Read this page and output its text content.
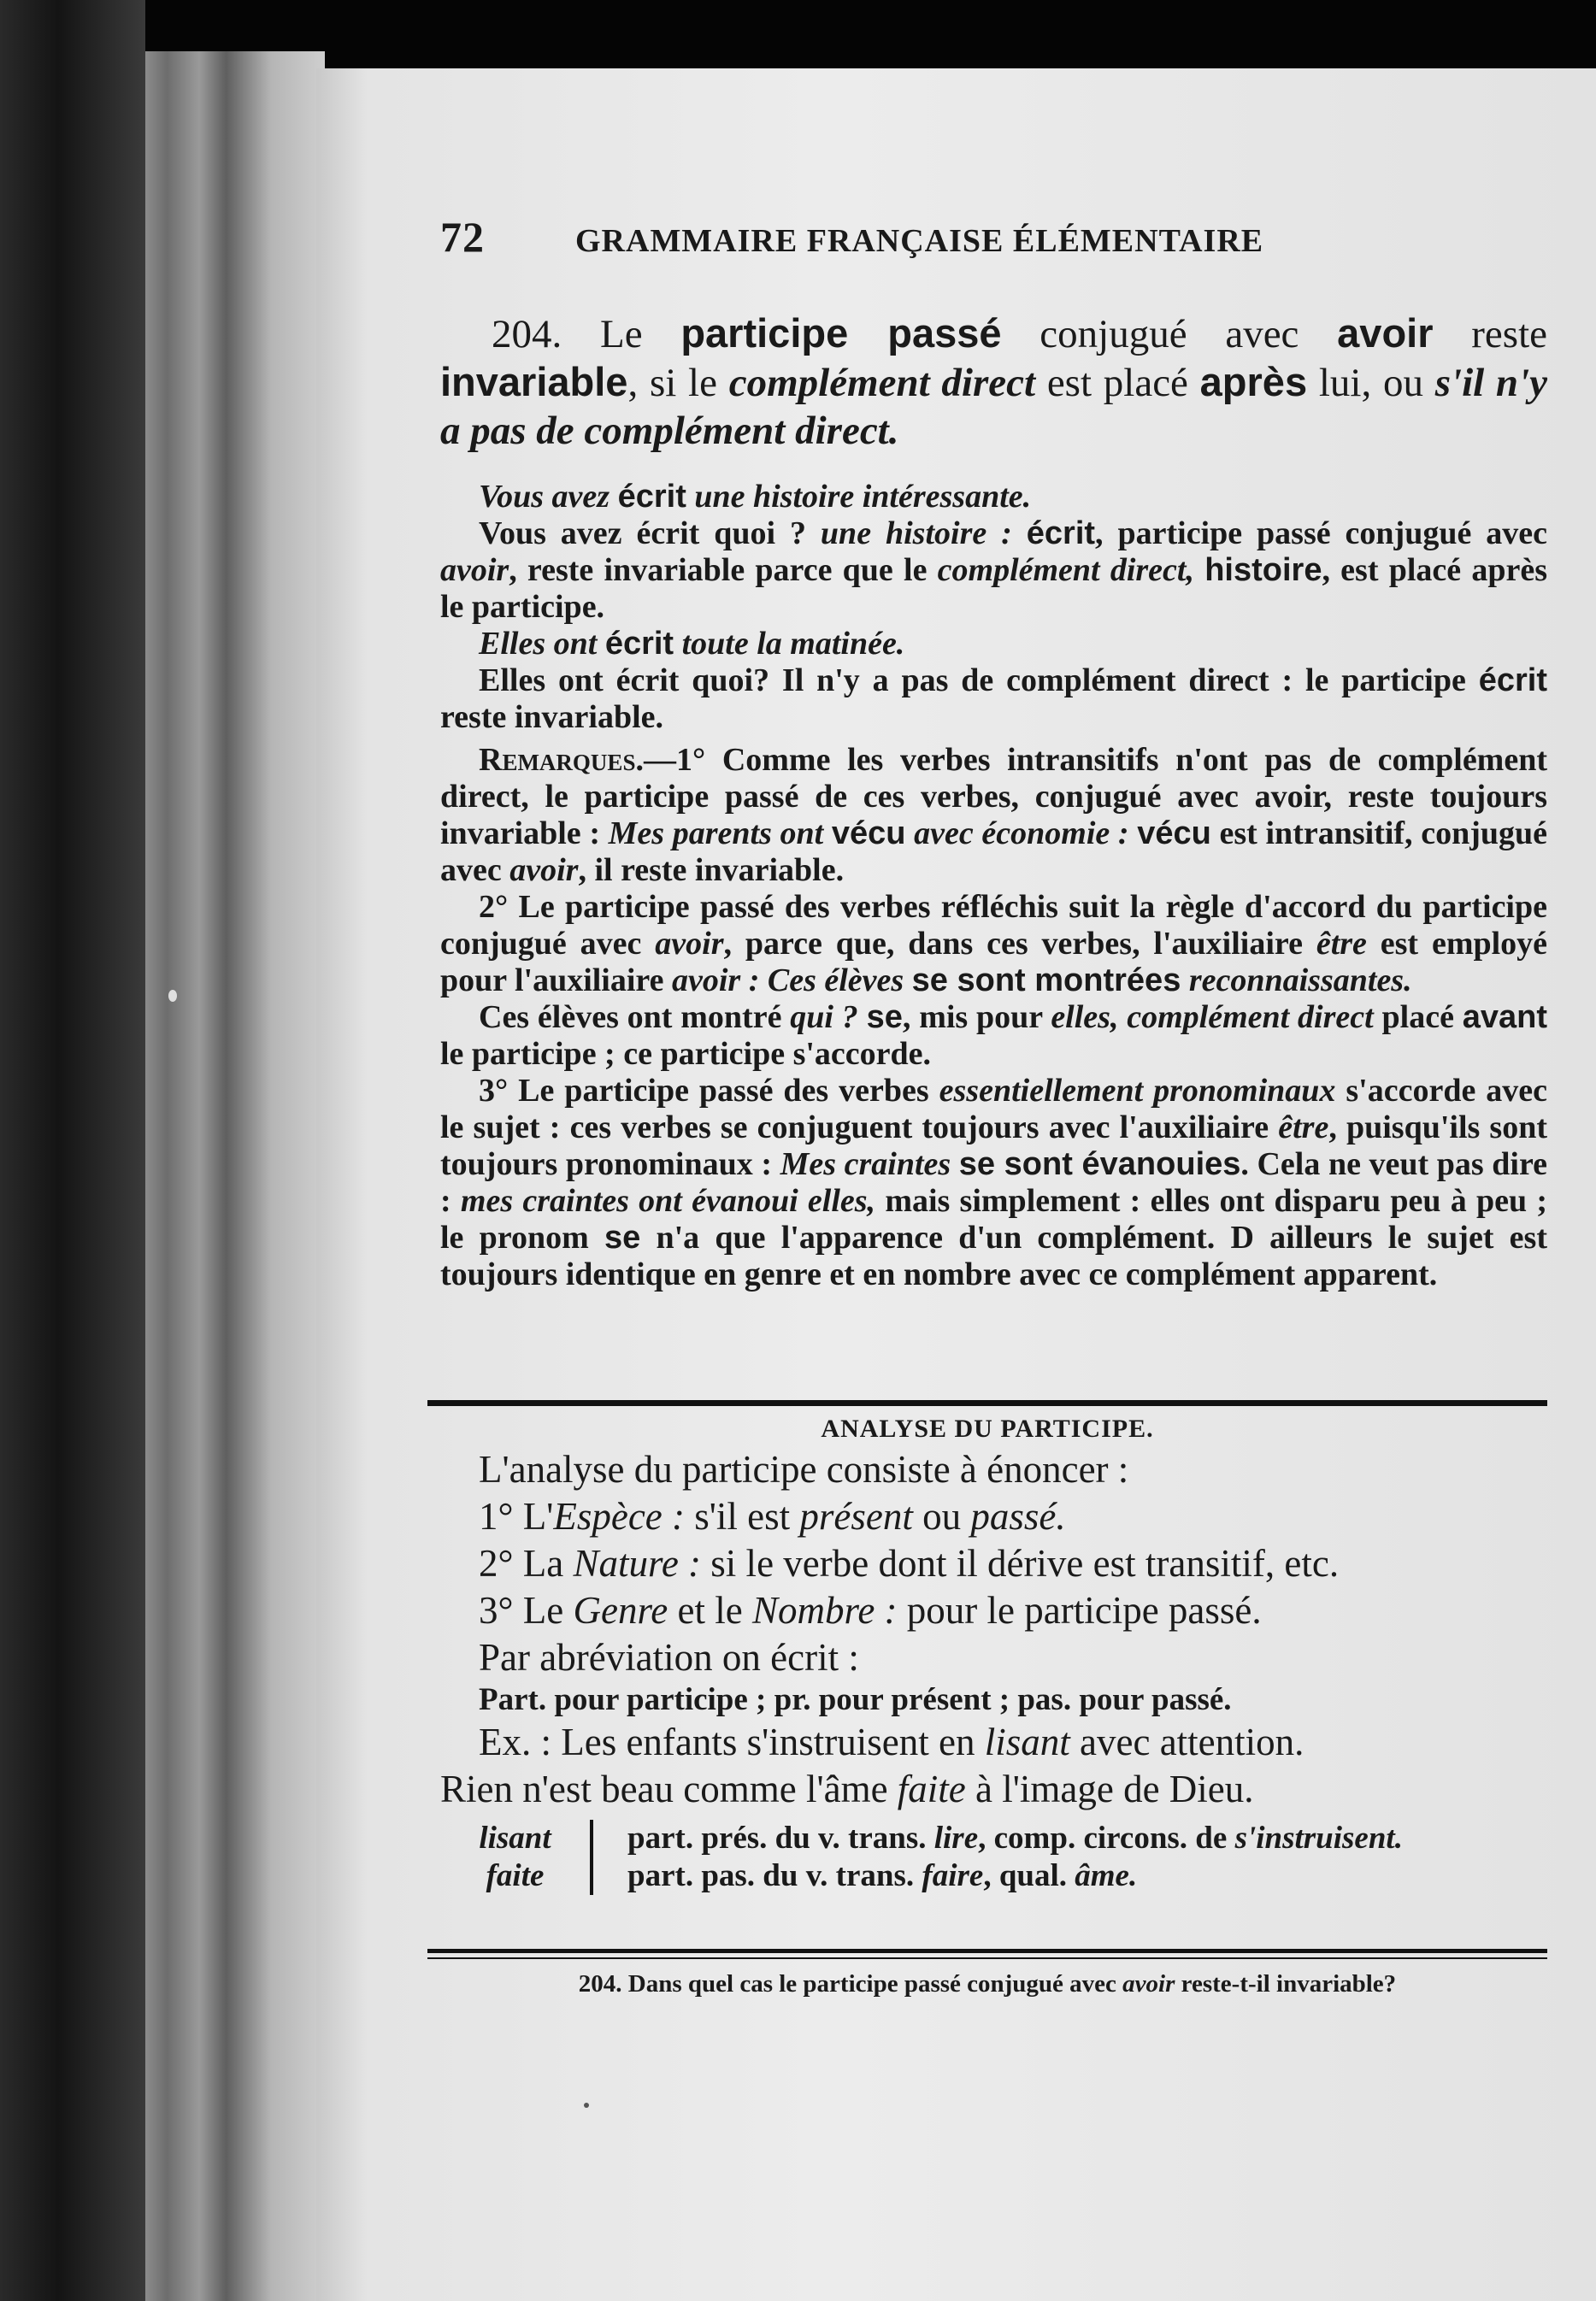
72	GRAMMAIRE FRANÇAISE ÉLÉMENTAIRE

204. Le participe passé conjugué avec avoir reste invariable, si le complément direct est placé après lui, ou s'il n'y a pas de complément direct.

Vous avez écrit une histoire intéressante.

Vous avez écrit quoi ? une histoire : écrit, participe passé conjugué avec avoir, reste invariable parce que le complément direct, histoire, est placé après le participe.

Elles ont écrit toute la matinée.

Elles ont écrit quoi? Il n'y a pas de complément direct : le participe écrit reste invariable.

Remarques.—1° Comme les verbes intransitifs n'ont pas de complément direct, le participe passé de ces verbes, conjugué avec avoir, reste toujours invariable : Mes parents ont vécu avec économie : vécu est intransitif, conjugué avec avoir, il reste invariable.

2° Le participe passé des verbes réfléchis suit la règle d'accord du participe conjugué avec avoir, parce que, dans ces verbes, l'auxiliaire être est employé pour l'auxiliaire avoir : Ces élèves se sont montrées reconnaissantes.

Ces élèves ont montré qui ? se, mis pour elles, complément direct placé avant le participe ; ce participe s'accorde.

3° Le participe passé des verbes essentiellement pronominaux s'accorde avec le sujet : ces verbes se conjuguent toujours avec l'auxiliaire être, puisqu'ils sont toujours pronominaux : Mes craintes se sont évanouies. Cela ne veut pas dire : mes craintes ont évanoui elles, mais simplement : elles ont disparu peu à peu ; le pronom se n'a que l'apparence d'un complément. D ailleurs le sujet est toujours identique en genre et en nombre avec ce complément apparent.

ANALYSE DU PARTICIPE.

L'analyse du participe consiste à énoncer :

1° L'Espèce : s'il est présent ou passé.

2° La Nature : si le verbe dont il dérive est transitif, etc.

3° Le Genre et le Nombre : pour le participe passé.

Par abréviation on écrit :

Part. pour participe ; pr. pour présent ; pas. pour passé.

Ex. : Les enfants s'instruisent en lisant avec attention.

Rien n'est beau comme l'âme faite à l'image de Dieu.

lisant	part. prés. du v. trans. lire, comp. circons. de s'instruisent.
faite	part. pas. du v. trans. faire, qual. âme.
204. Dans quel cas le participe passé conjugué avec avoir reste-t-il invariable?
